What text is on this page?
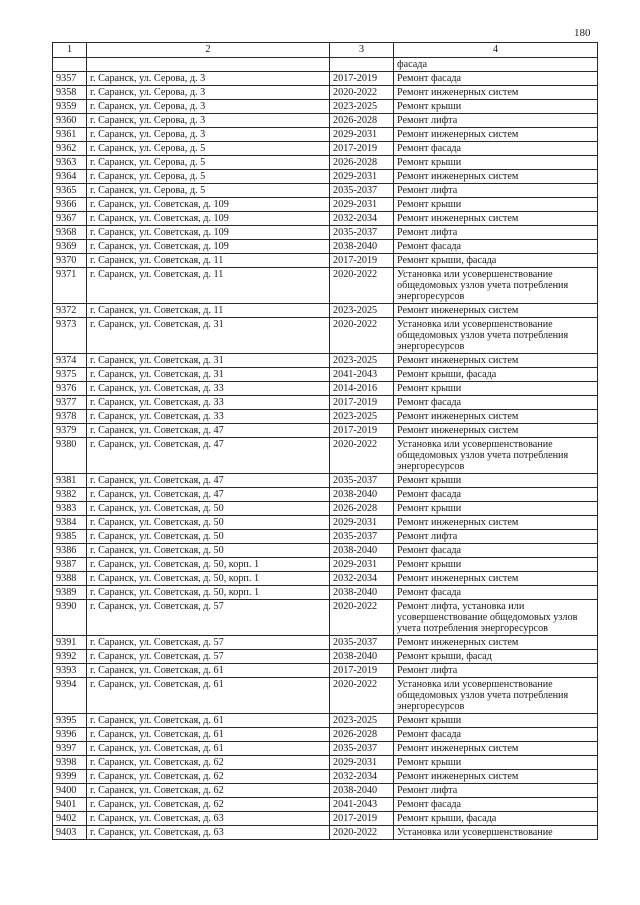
180
1	2	3	4
			фасада
9357	г. Саранск, ул. Серова, д. 3	2017-2019	Ремонт фасада
9358	г. Саранск, ул. Серова, д. 3	2020-2022	Ремонт инженерных систем
9359	г. Саранск, ул. Серова, д. 3	2023-2025	Ремонт крыши
9360	г. Саранск, ул. Серова, д. 3	2026-2028	Ремонт лифта
9361	г. Саранск, ул. Серова, д. 3	2029-2031	Ремонт инженерных систем
9362	г. Саранск, ул. Серова, д. 5	2017-2019	Ремонт фасада
9363	г. Саранск, ул. Серова, д. 5	2026-2028	Ремонт крыши
9364	г. Саранск, ул. Серова, д. 5	2029-2031	Ремонт инженерных систем
9365	г. Саранск, ул. Серова, д. 5	2035-2037	Ремонт лифта
9366	г. Саранск, ул. Советская, д. 109	2029-2031	Ремонт крыши
9367	г. Саранск, ул. Советская, д. 109	2032-2034	Ремонт инженерных систем
9368	г. Саранск, ул. Советская, д. 109	2035-2037	Ремонт лифта
9369	г. Саранск, ул. Советская, д. 109	2038-2040	Ремонт фасада
9370	г. Саранск, ул. Советская, д. 11	2017-2019	Ремонт крыши, фасада
9371	г. Саранск, ул. Советская, д. 11	2020-2022	Установка или усовершенствование общедомовых узлов учета потребления энергоресурсов
9372	г. Саранск, ул. Советская, д. 11	2023-2025	Ремонт инженерных систем
9373	г. Саранск, ул. Советская, д. 31	2020-2022	Установка или усовершенствование общедомовых узлов учета потребления энергоресурсов
9374	г. Саранск, ул. Советская, д. 31	2023-2025	Ремонт инженерных систем
9375	г. Саранск, ул. Советская, д. 31	2041-2043	Ремонт крыши, фасада
9376	г. Саранск, ул. Советская, д. 33	2014-2016	Ремонт крыши
9377	г. Саранск, ул. Советская, д. 33	2017-2019	Ремонт фасада
9378	г. Саранск, ул. Советская, д. 33	2023-2025	Ремонт инженерных систем
9379	г. Саранск, ул. Советская, д. 47	2017-2019	Ремонт инженерных систем
9380	г. Саранск, ул. Советская, д. 47	2020-2022	Установка или усовершенствование общедомовых узлов учета потребления энергоресурсов
9381	г. Саранск, ул. Советская, д. 47	2035-2037	Ремонт крыши
9382	г. Саранск, ул. Советская, д. 47	2038-2040	Ремонт фасада
9383	г. Саранск, ул. Советская, д. 50	2026-2028	Ремонт крыши
9384	г. Саранск, ул. Советская, д. 50	2029-2031	Ремонт инженерных систем
9385	г. Саранск, ул. Советская, д. 50	2035-2037	Ремонт лифта
9386	г. Саранск, ул. Советская, д. 50	2038-2040	Ремонт фасада
9387	г. Саранск, ул. Советская, д. 50, корп. 1	2029-2031	Ремонт крыши
9388	г. Саранск, ул. Советская, д. 50, корп. 1	2032-2034	Ремонт инженерных систем
9389	г. Саранск, ул. Советская, д. 50, корп. 1	2038-2040	Ремонт фасада
9390	г. Саранск, ул. Советская, д. 57	2020-2022	Ремонт лифта, установка или усовершенствование общедомовых узлов учета потребления энергоресурсов
9391	г. Саранск, ул. Советская, д. 57	2035-2037	Ремонт инженерных систем
9392	г. Саранск, ул. Советская, д. 57	2038-2040	Ремонт крыши, фасад
9393	г. Саранск, ул. Советская, д. 61	2017-2019	Ремонт лифта
9394	г. Саранск, ул. Советская, д. 61	2020-2022	Установка или усовершенствование общедомовых узлов учета потребления энергоресурсов
9395	г. Саранск, ул. Советская, д. 61	2023-2025	Ремонт крыши
9396	г. Саранск, ул. Советская, д. 61	2026-2028	Ремонт фасада
9397	г. Саранск, ул. Советская, д. 61	2035-2037	Ремонт инженерных систем
9398	г. Саранск, ул. Советская, д. 62	2029-2031	Ремонт крыши
9399	г. Саранск, ул. Советская, д. 62	2032-2034	Ремонт инженерных систем
9400	г. Саранск, ул. Советская, д. 62	2038-2040	Ремонт лифта
9401	г. Саранск, ул. Советская, д. 62	2041-2043	Ремонт фасада
9402	г. Саранск, ул. Советская, д. 63	2017-2019	Ремонт крыши, фасада
9403	г. Саранск, ул. Советская, д. 63	2020-2022	Установка или усовершенствование
